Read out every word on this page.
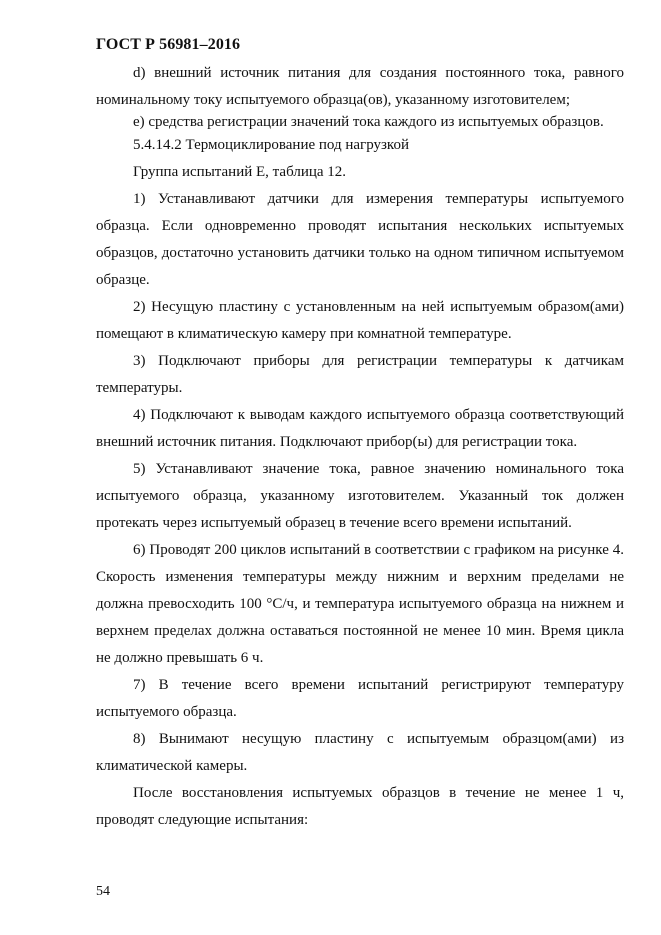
ГОСТ Р 56981–2016

d) внешний источник питания для создания постоянного тока, равного номинальному току испытуемого образца(ов), указанному изготовителем;

e) средства регистрации значений тока каждого из испытуемых образцов.

5.4.14.2 Термоциклирование под нагрузкой

Группа испытаний Е, таблица 12.

1) Устанавливают датчики для измерения температуры испытуемого образца. Если одновременно проводят испытания нескольких испытуемых образцов, достаточно установить датчики только на одном типичном испытуемом образце.

2) Несущую пластину с установленным на ней испытуемым образом(ами) помещают в климатическую камеру при комнатной температуре.

3) Подключают приборы для регистрации температуры к датчикам температуры.

4) Подключают к выводам каждого испытуемого образца соответствующий внешний источник питания. Подключают прибор(ы) для регистрации тока.

5) Устанавливают значение тока, равное значению номинального тока испытуемого образца, указанному изготовителем. Указанный ток должен протекать через испытуемый образец в течение всего времени испытаний.

6) Проводят 200 циклов испытаний в соответствии с графиком на рисунке 4. Скорость изменения температуры между нижним и верхним пределами не должна превосходить 100 °С/ч, и температура испытуемого образца на нижнем и верхнем пределах должна оставаться постоянной не менее 10 мин. Время цикла не должно превышать 6 ч.

7) В течение всего времени испытаний регистрируют температуру испытуемого образца.

8) Вынимают несущую пластину с испытуемым образцом(ами) из климатической камеры.

После восстановления испытуемых образцов в течение не менее 1 ч, проводят следующие испытания:

54
